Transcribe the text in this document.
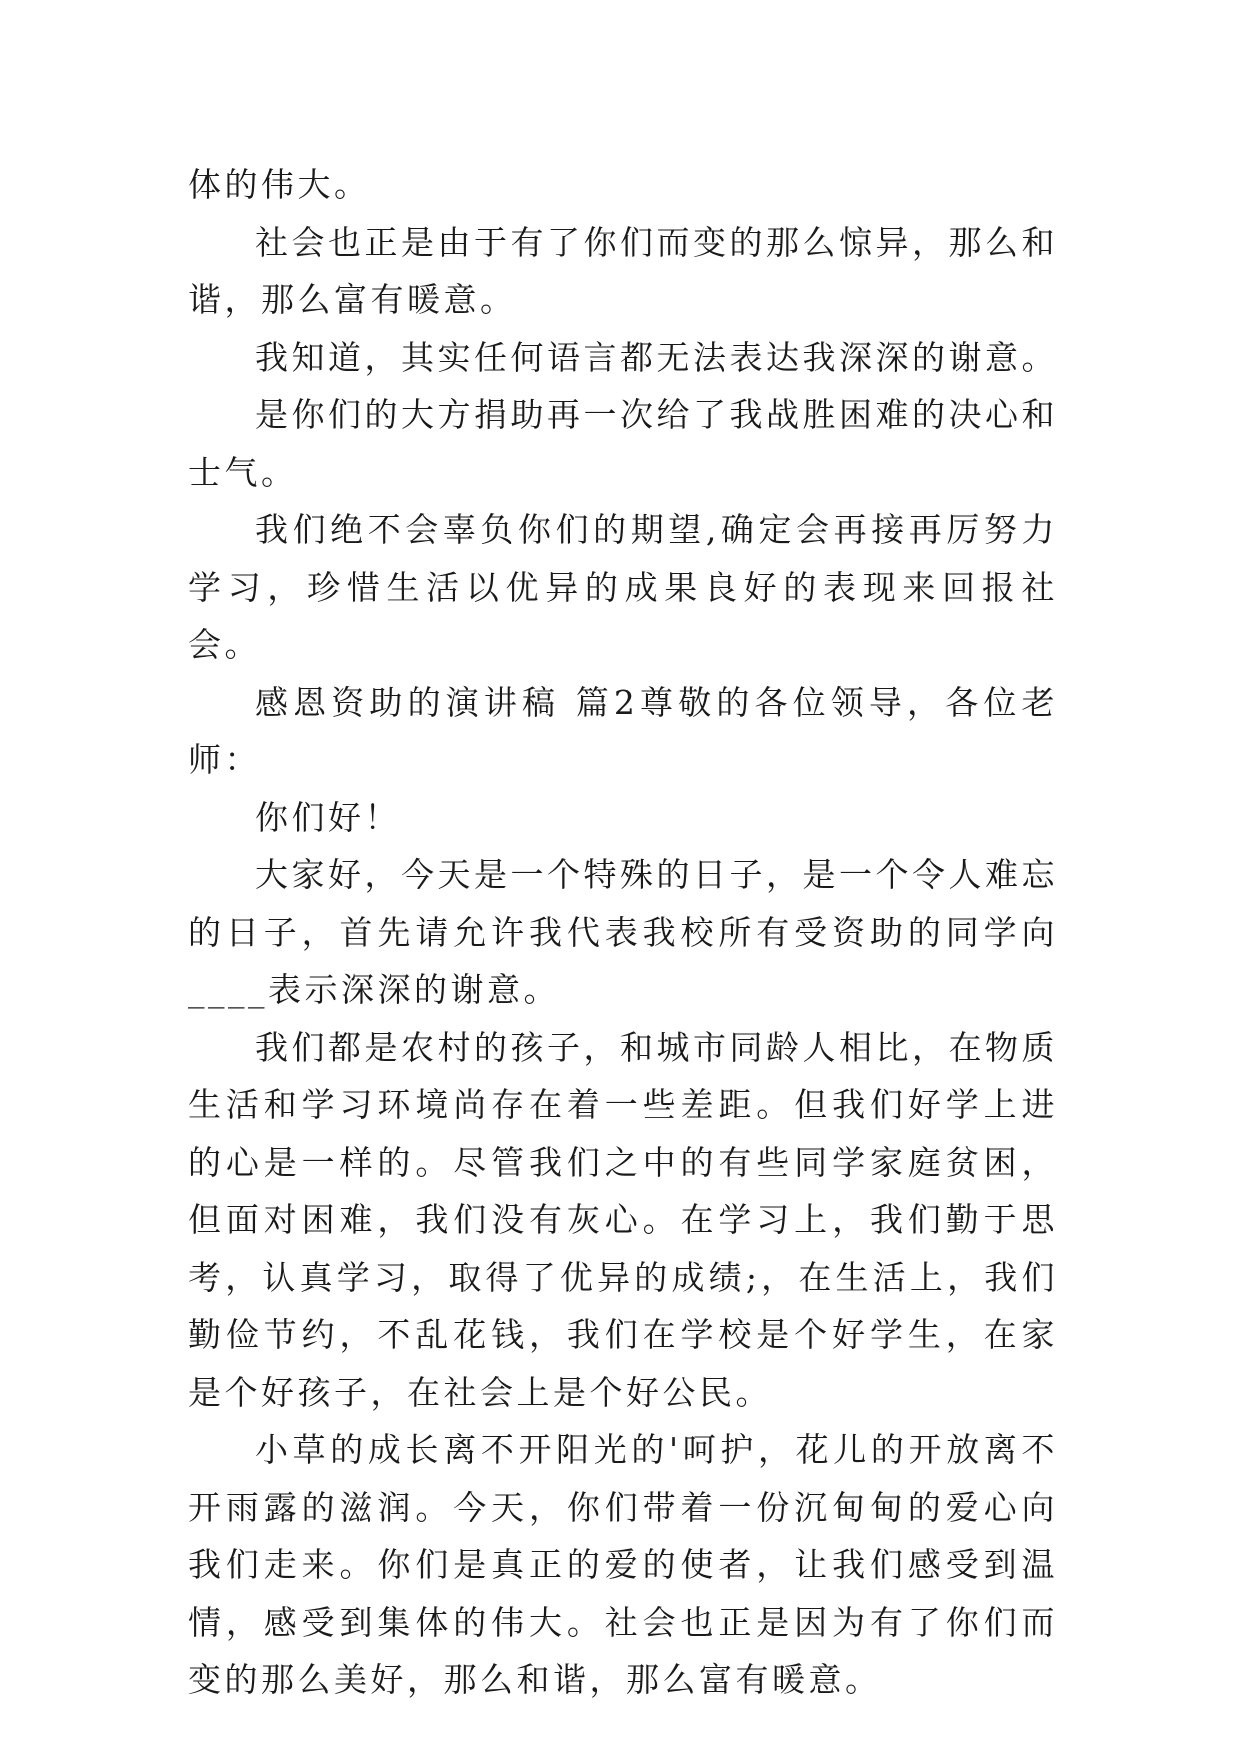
体的伟大。

社会也正是由于有了你们而变的那么惊异，那么和谐，那么富有暖意。

我知道，其实任何语言都无法表达我深深的谢意。

是你们的大方捐助再一次给了我战胜困难的决心和士气。

我们绝不会辜负你们的期望,确定会再接再厉努力学习，珍惜生活以优异的成果良好的表现来回报社会。

感恩资助的演讲稿 篇2尊敬的各位领导，各位老师：

你们好！

大家好，今天是一个特殊的日子，是一个令人难忘的日子，首先请允许我代表我校所有受资助的同学向____表示深深的谢意。

我们都是农村的孩子，和城市同龄人相比，在物质生活和学习环境尚存在着一些差距。但我们好学上进的心是一样的。尽管我们之中的有些同学家庭贫困，但面对困难，我们没有灰心。在学习上，我们勤于思考，认真学习，取得了优异的成绩;，在生活上，我们勤俭节约，不乱花钱，我们在学校是个好学生，在家是个好孩子，在社会上是个好公民。

小草的成长离不开阳光的'呵护，花儿的开放离不开雨露的滋润。今天，你们带着一份沉甸甸的爱心向我们走来。你们是真正的爱的使者，让我们感受到温情，感受到集体的伟大。社会也正是因为有了你们而变的那么美好，那么和谐，那么富有暖意。
